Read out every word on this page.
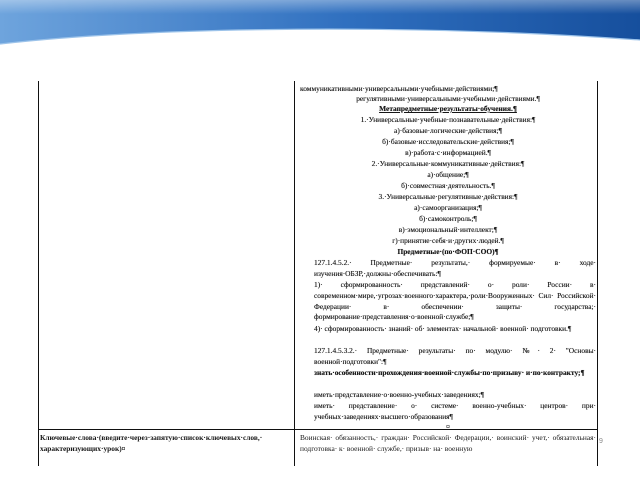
коммуникативными·универсальными·учебными·действиями;¶
регулятивными·универсальными·учебными·действиями.¶
Метапредметные·результаты·обучения.¶
1.·Универсальные·учебные·познавательные·действия:¶
а)·базовые·логические·действия;¶
б)·базовые·исследовательские·действия;¶
в)·работа·с·информацией.¶
2.·Универсальные·коммуникативные·действия:¶
а)·общение;¶
б)·совместная·деятельность.¶
3.·Универсальные·регулятивные·действия:¶
а)·самоорганизация;¶
б)·самоконтроль;¶
в)·эмоциональный·интеллект;¶
г)·принятие·себя·и·других·людей.¶
Предметные·(по·ФОП·СОО)¶
127.1.4.5.2.· Предметные· результаты,· формируемые· в· ходе· изучения·ОБЗР,·должны·обеспечивать:¶
1)· сформированность· представлений· о· роли· России· в· современном·мире,·угрозах·военного·характера,·роли·Вооруженных· Сил· Российской· Федерации· в· обеспечении· защиты· государства;· формирование·представления·о·военной·службе;¶
4)· сформированность· знаний· об· элементах· начальной· военной· подготовки.¶
127.1.4.5.3.2.· Предметные· результаты· по· модулю· №· 2· "Основы· военной·подготовки":¶
знать·особенности·прохождения·военной·службы·по·призыву· и·по·контракту;¶
иметь·представление·о·военно-учебных·заведениях;¶
иметь· представление· о· системе· военно-учебных· центров· при· учебных·заведениях·высшего·образования¶
¤
Ключевые·слова·(введите·через·запятую·список·ключевых·слов,· характеризующих·урок)¤
Воинская· обязанность,· граждан· Российской· Федерации,· воинский· учет,· обязательная· подготовка· к· военной· службе,· призыв· на· военную
9
